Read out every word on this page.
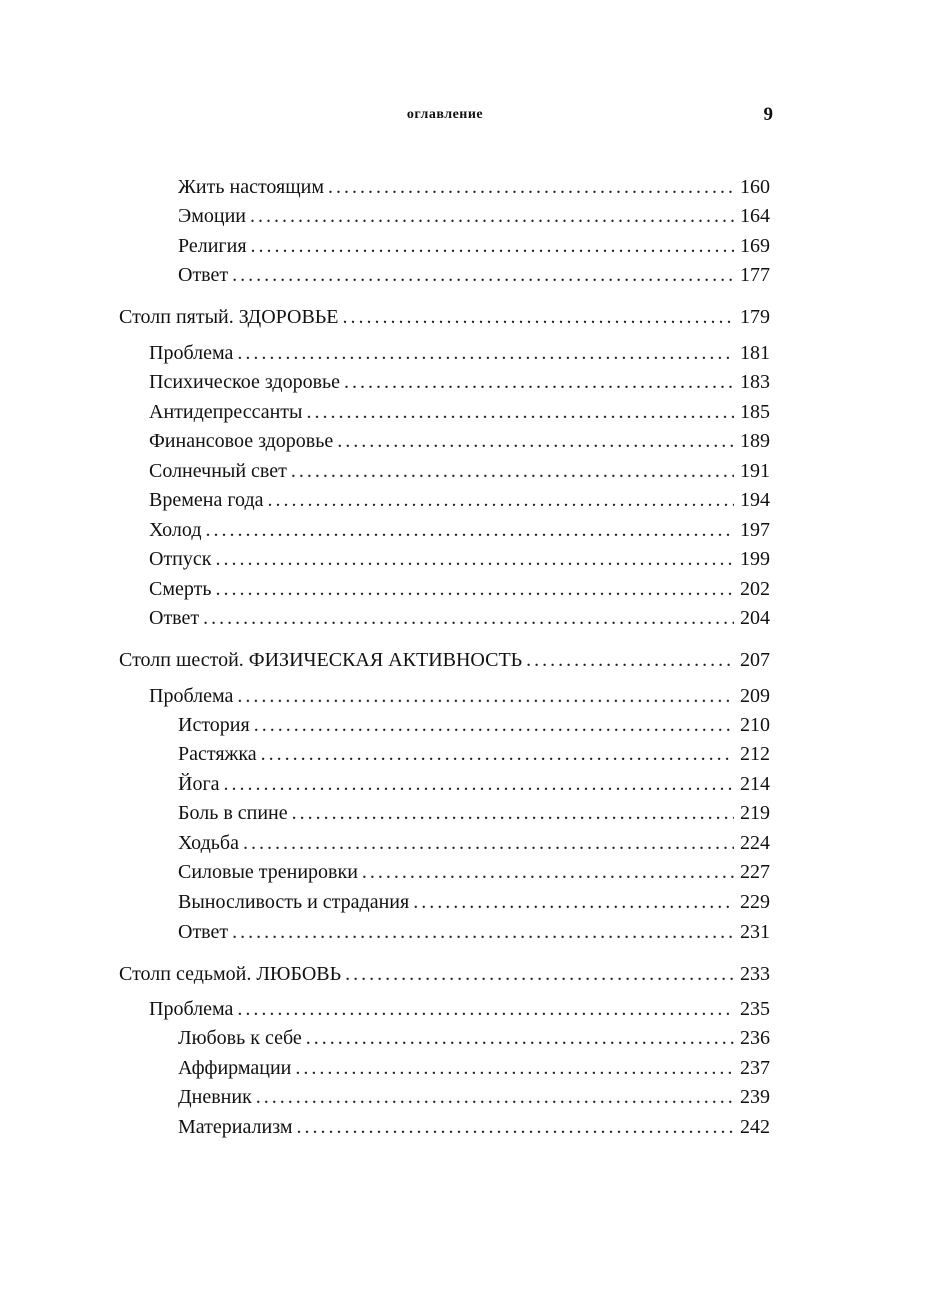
оглавление	9
Жить настоящим . . .	160
Эмоции . . .	164
Религия . . .	169
Ответ . . .	177
Столп пятый. ЗДОРОВЬЕ . . .	179
Проблема . . .	181
Психическое здоровье . . .	183
Антидепрессанты . . .	185
Финансовое здоровье . . .	189
Солнечный свет . . .	191
Времена года . . .	194
Холод . . .	197
Отпуск . . .	199
Смерть . . .	202
Ответ . . .	204
Столп шестой. ФИЗИЧЕСКАЯ АКТИВНОСТЬ . . .	207
Проблема . . .	209
История . . .	210
Растяжка . . .	212
Йога . . .	214
Боль в спине . . .	219
Ходьба . . .	224
Силовые тренировки . . .	227
Выносливость и страдания . . .	229
Ответ . . .	231
Столп седьмой. ЛЮБОВЬ . . .	233
Проблема . . .	235
Любовь к себе . . .	236
Аффирмации . . .	237
Дневник . . .	239
Материализм . . .	242
